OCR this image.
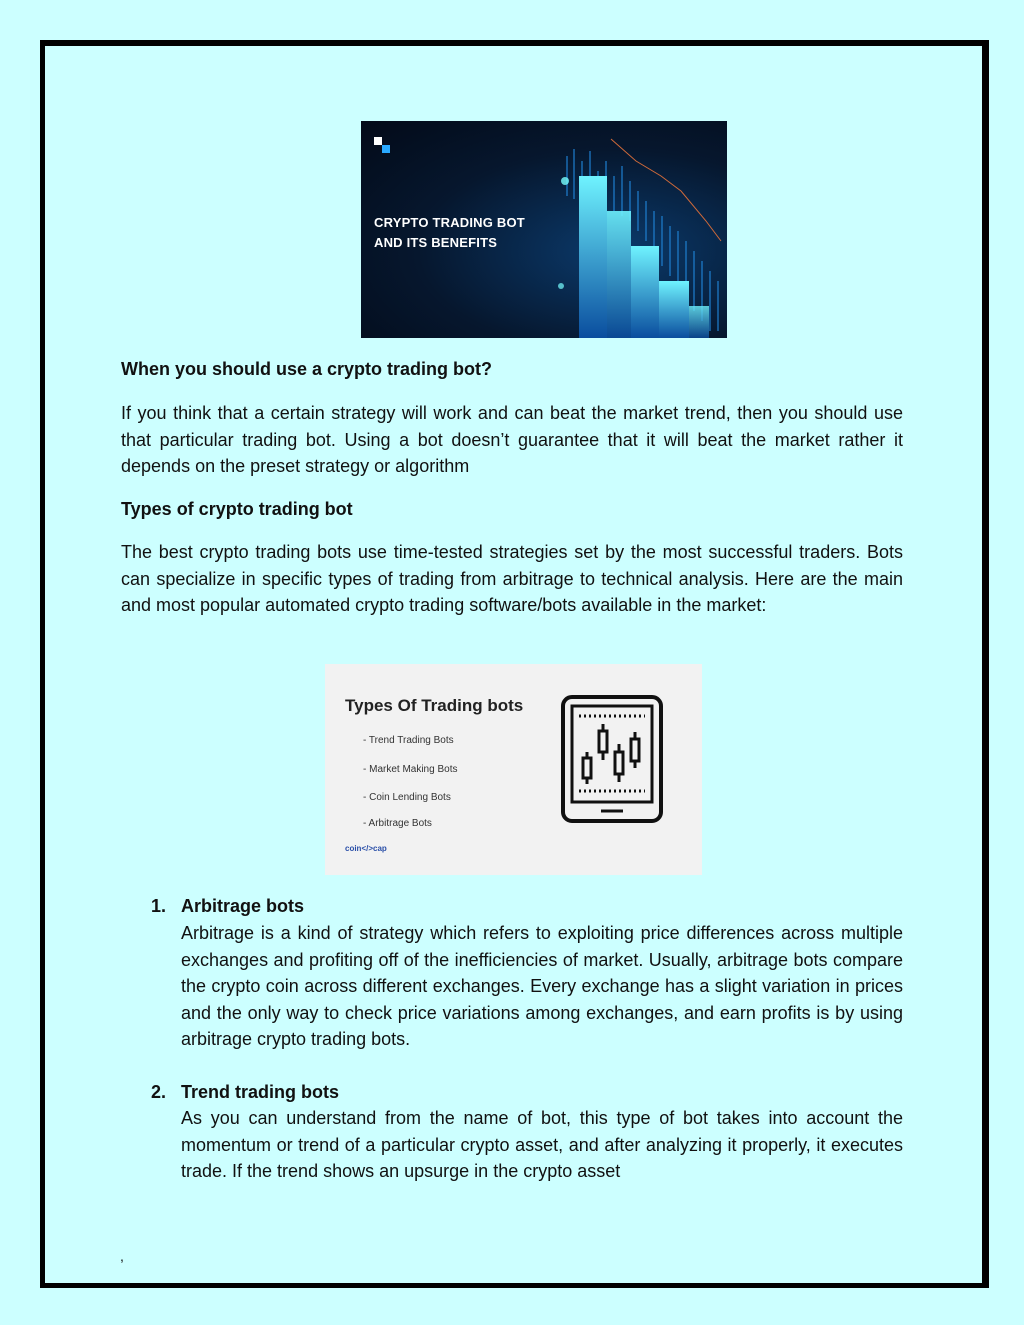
CRYPTO TRADING BOT
AND ITS BENEFITS
When you should use a crypto trading bot?
If you think that a certain strategy will work and can beat the market trend, then you should use that particular trading bot. Using a bot doesn’t guarantee that it will beat the market rather it depends on the preset strategy or algorithm
Types of crypto trading bot
The best crypto trading bots use time-tested strategies set by the most successful traders. Bots can specialize in specific types of trading from arbitrage to technical analysis. Here are the main and most popular automated crypto trading software/bots available in the market:
Types Of Trading bots
- Trend Trading Bots
- Market Making Bots
- Coin Lending Bots
- Arbitrage Bots
coin</>cap
1. Arbitrage bots
Arbitrage is a kind of strategy which refers to exploiting price differences across multiple exchanges and profiting off of the inefficiencies of market. Usually, arbitrage bots compare the crypto coin across different exchanges. Every exchange has a slight variation in prices and the only way to check price variations among exchanges, and earn profits is by using arbitrage crypto trading bots.
2. Trend trading bots
As you can understand from the name of bot, this type of bot takes into account the momentum or trend of a particular crypto asset, and after analyzing it properly, it executes trade. If the trend shows an upsurge in the crypto asset
,
